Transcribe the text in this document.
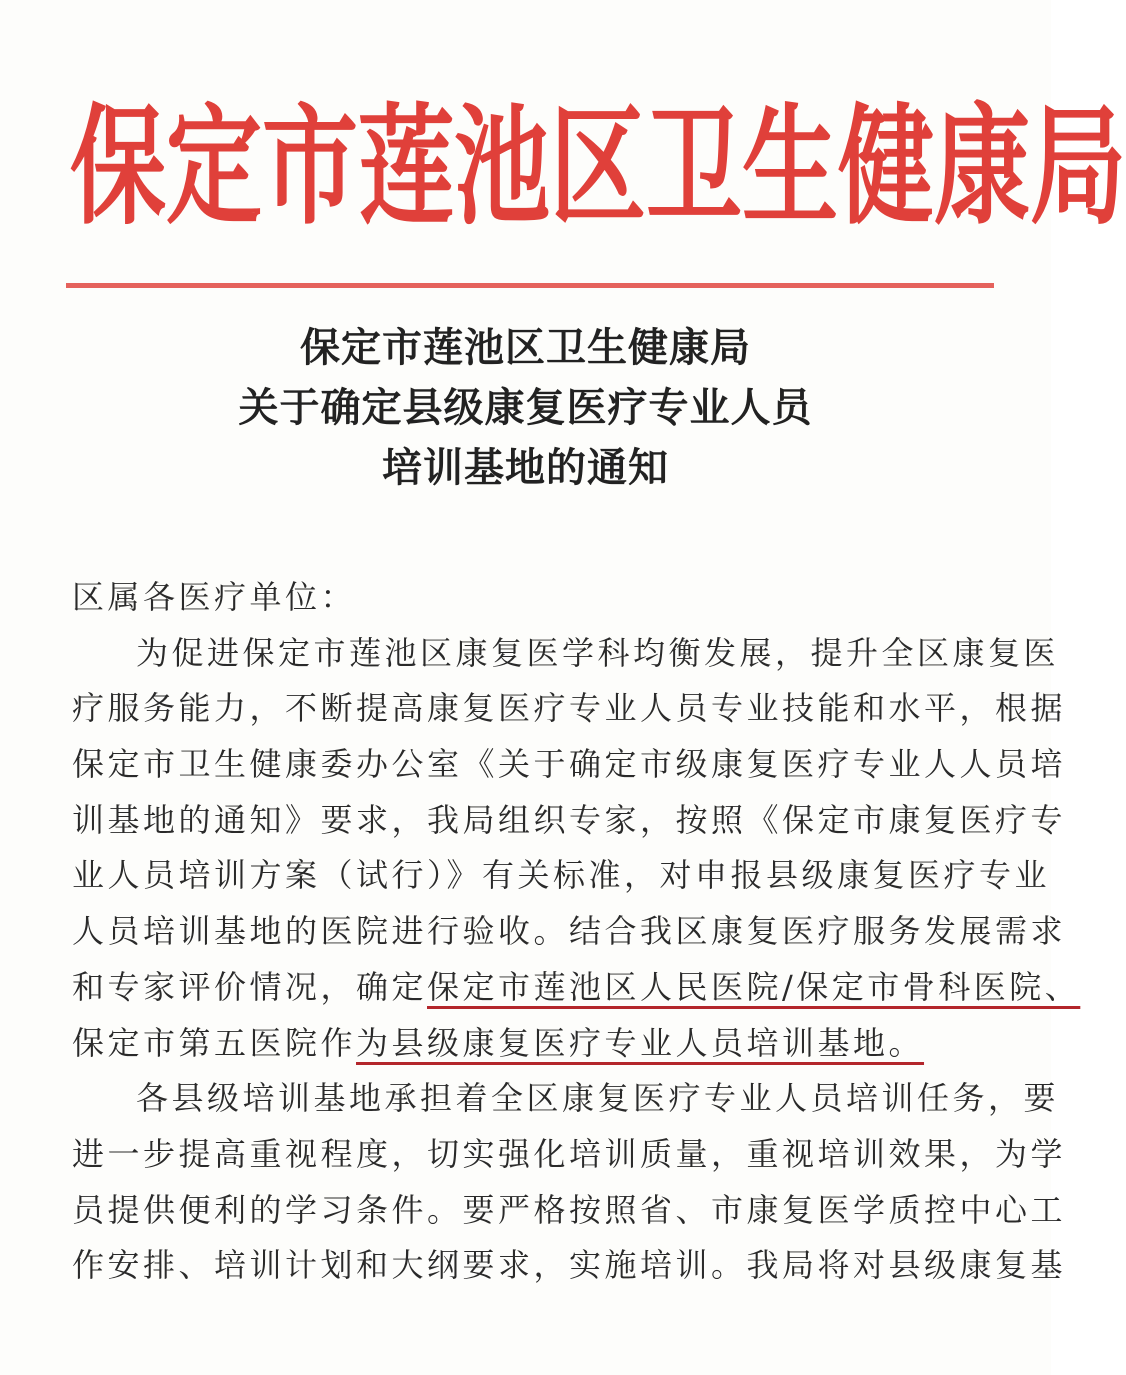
保 定 市 莲 池 区 卫 生 健 康 局
保定市莲池区卫生健康局
关于确定县级康复医疗专业人员
培训基地的通知
区属各医疗单位：
为促进保定市莲池区康复医学科均衡发展，提升全区康复医
疗服务能力，不断提高康复医疗专业人员专业技能和水平，根据
保定市卫生健康委办公室《关于确定市级康复医疗专业人人员培
训基地的通知》要求，我局组织专家，按照《保定市康复医疗专
业人员培训方案（试行）》有关标准，对申报县级康复医疗专业
人员培训基地的医院进行验收。结合我区康复医疗服务发展需求
和专家评价情况，确定保定市莲池区人民医院/保定市骨科医院、
保定市第五医院作为县级康复医疗专业人员培训基地。
各县级培训基地承担着全区康复医疗专业人员培训任务，要
进一步提高重视程度，切实强化培训质量，重视培训效果，为学
员提供便利的学习条件。要严格按照省、市康复医学质控中心工
作安排、培训计划和大纲要求，实施培训。我局将对县级康复基
